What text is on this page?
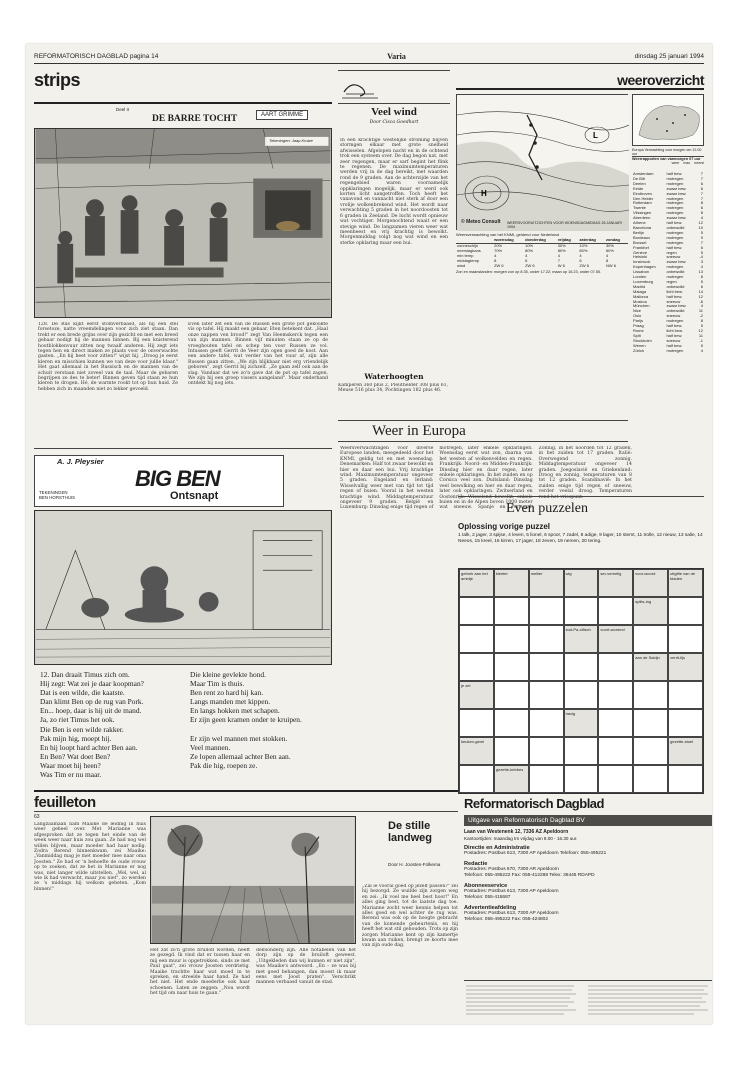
REFORMATORISCH DAGBLAD pagina 14	Varia	dinsdag 25 januari 1994
strips
Deel II
DE BARRE TOCHT	AART GRIMME
Tekeningen: Jaap Kruize
128. De Rus kijkt eerst stomverbaasd, als hij een stel forsetoze, natte vreemdelingen voor zich ziet staan. Dan trekt er een brede grijns over zijn gezicht en met een breed gebaar nodigt hij de mannen binnen. Bij een knisterend houtblokkenvuur zitten nog twaalf anderen. Hij zegt iets tegen hen en direct maken ze plaats voor de onverwachte gasten. „En hij heet voor zitten!" wijst hij. „Droog je eerst kleren en misschien kunnen we van deze voor jullie klaar." Het gaat allemaal in het Russisch en de mannen van de schuit verstaan niet zoveel van de taal. Maar de gebaren begrijpen ze des te beter! Binnen geven tijd staan ze hun kleren te drogen. Hé, de warmte rookt tot op hun huid. Ze hebben zich in maanden niet zo lekker gevoeld.
Even later zet een van de Russen een grote pot gekookte vis op tafel. Hij maakt een gebaar. Eten betekent dat. „Haal onze nappen ven brood!" zegt Van Heemskerck tegen een van zijn mannen. Binnen vijf minuten staan ze op de vroeghouten tafel en schep ten voor Russen ze vol. Intussen geeft Gerrit de Veer zijn ogen goed de kost. Aan een andere tafel, wat verder van het vuur af, zijn alle Russen gaan zitten. „We zijn blijkbaar niet erg vriendelijk geboren", zegt Gerrit bij zichzelf. „Ze gaan zelf ook aan de slag. Vandaar dat we zo'n gave dat de pot op tafel zagen. We zijn hij een groep vissers aangeland". Maar onderhand ontdekt hij nog iets.
A. J. Pleysier
BIG BEN
Ontsnapt
TEKENINGEN
BEN HORSTHUIS
12. Dan draait Timus zich om.
Hij zegt: Wat zei je daar koopman?
Dat is een wilde, die kaatste.
Dan klimt Ben op de rug van Pork.
En... hoep, daar is hij uit de mand.
Ja, zo riet Timus het ook.
Die Ben is een wilde rakker.
Pak mijn hig, moept hij.
En hij loopt hard achter Ben aan.
En Ben? Wat doet Ben?
Waar moet hij heen?
Was Tim er nu maar.
Die kleine gevlekte hond.
Maar Tim is thuis.
Ben rent zo hard hij kan.
Langs manden met kippen.
En langs hokken met schapen.
Er zijn geen kramen onder te kruipen.
Er zijn wel mannen met stokken.
Veel mannen.
Ze lopen allemaal achter Ben aan.
Pak die hig, roepen ze.
Veel wind
Door Cisca Goedhart
In een krachtige westelijke stroming blijven stormgen elkaar met grote snelheid afwisselen. Afgelopen nacht en in de ochtend trok een systeem over. De dag begon nat, met zeer regengen, maar er sarf begint het flink te regenen. De maximumtemperaturen werden vrij in de dag bereikt, met waarden rond de 9 graden. Aan de achterzijde van het regengebied waren voornamelijk oppklaringen mogelijk, maar er werd ook korten licht aangetroffen. Toch heeft het vanavond en vannacht niet sterk af door een vrolije wolkenbrekend wind. Het wordt naar verwachting 5 graden in het noordoosten tot 6 graden in Zeeland. De lucht wordt opnieuw wat vochtiger. Morgenochtend waait er een stevige wind. De langzamen vieren weer wat meenheest en vrij krachtig is bewolkt. Morgenmiddag volgt nog wat wind en een sterke opklaring maar een bui.
Waterhoogten
Kamperen 360 plus 2, Pleuthelder 308 plus 61, Meuse 516 plus 34, Pochtingen 182 plus 46.
weeroverzicht
H
L
© Meteo Consult WEERSVOORUITZICHTEN VOOR WOENSDAGMIDDAG 26 JANUARI 1994
Weersverwachting van het KNMI, geldend voor Nederland
	woensdag	donderdag	vrijdag	zaterdag	zondag
zonneschijn	20%	10%	30%	10%	30%
neerslagkans	70%	80%	80%	80%	60%
min temp	4	4	4	4	4
middagtemp	8	6	7	6	8
wind	ZW 6	ZW 6	W 6	ZW 6	NW 6
Zon en maanstanden: morgen zon op 8.35, onder 17.22; maan op 16.23, onder 07.55.
Europa Verwachting voor morgen om 12.00 uur
Weerrapporten van vanmorgen 07 uur
weer max neersl
Amsterdam	half bew.	7
De Bilt	motregen	7
Deelen	motregen	6
Eelde	zwaar bew.	6
Eindhoven	zwaar bew.	7
Den Helder	motregen	7
Rotterdam	motregen	8
Twente	motregen	6
Vlissingen	motregen	8
Aberdeen	zwaar bew.	4
Athene	half bew.	12
Barcelona	onbewolkt	10
Berlijn	motregen	5
Bordeaux	motregen	9
Brussel	motregen	7
Frankfort	half bew.	6
Genève	regen	5
Helsinki	sneeuw	-4
Innsbruck	zwaar bew.	3
Kopenhagen	motregen	4
Lissabon	onbewolkt	13
Londen	motregen	8
Luxemburg	regen	5
Madrid	onbewolkt	6
Malaga	licht bew.	14
Mallorca	half bew.	12
Moskou	sneeuw	-6
München	zwaar bew.	4
Nice	onbewolkt	11
Oslo	sneeuw	-2
Parijs	motregen	8
Praag	half bew.	5
Rome	licht bew.	12
Split	half bew.	11
Stockholm	sneeuw	-1
Wenen	half bew.	5
Zürich	motregen	4
Weer in Europa
Weersverwachtingen voor diverse Europese landen, meegedeeld door het KNMI, geldig tot en met woensdag. Denemarken: Half tot zwaar bewolkt en hier en daar een bui. Vrij krachtige wind. Maximumtemperatuur ongeveer 5 graden. Engeland en Ierland: Wisselvallig weer met van tijd tot tijd regen of buien. Vooral in het westen krachtige wind. Middagtemperatuur ongeveer 9 graden. België en Luxemburg: Dinsdag enige tijd regen of motregen, later enkele opklaringen. Woensdag eerst wat zon, daarna van het westen af wolkenvelden en regen. Frankrijk: Noord- en Midden-Frankrijk: Dinsdag hier en daar regen, later enkele opklaringen. In het zuiden en op Corsica veel zon. Duitsland: Dinsdag veel bewolking en hier en daar regen, later ook opklaringen. Zwitserland en Oostenrijk: Wisselend bewolkt, enkele buien en in de Alpen boven 1000 meter wat sneeuw. Spanje en Portugal: Zonnig, in het noorden tot 12 graden, in het zuiden tot 17 graden. Italië: Overwegend zonnig. Middagtemperatuur ongeveer 14 graden. Joegoslavië en Griekenland: Droog en zonnig, temperaturen van 8 tot 12 graden. Scandinavië: In het zuiden enige tijd regen of sneeuw, verder veelal droog. Temperaturen rond het vriespunt.
Even puzzelen
Oplossing vorige puzzel
1 talk, 2 jager, 3 spijse, 4 leven, 5 lionel, 6 spoor, 7 zadel, 8 adige, 9 lager, 10 stemt, 11 trolle, 12 nieuw, 13 salie, 14 Neeos, 15 kreel, 16 kirren, 17 jager, 18 zeven, 19 nemen, 20 tering.
gebrek aan het ambtje
kleeter	mellier	wig	ser-vereelig	voor-woord	uitgifte van de bladen
splits-ing
sud-Pa-cifisch	voort-wonend
aan de Sabijn	verrit-lijs
je zel
havig
keuken-gerei	gezette-stoel
gezette-kebbes
feuilleton
63
Langzaamaan nam Maaike de leiding in huis weer geheel over. Met Marianne was afgesproken dat ze tegen het einde van de week weer naar huis zou gaan. Ze had nog wel willen blijven, maar moeder had haar nodig. Zodra Berend binnenkwam, zei Maaike: „Vanmiddag mag je met moeder mee naar oma Joosten." Ze had er 'n behoefte de oude vrouw op te zoeken, dat ze het in Marianne er nog was, niet langer wilde uitstellen. „Wel, wel, al wie ik had verwacht, maar jou niet", zo werden ze 's middags hij welkom geheten. „Kom binnen!"
De stille landweg
Door H. Joosten-Folkema
Het zat zo'n grote brullofl worden, heeft ze gezegd. Ik vind dat er tussen haar en mij een muur is opgetrokken, sinds ze met Paul gaat", zei vrouw Joosten verdrietig. Maaike trachtte haar wat moed in te spreken, en streelde haar hand. Ze had het niet. Het ende moederlie ook haar schoenen. Laten ze zeggen: „Nou wordt het tijd om naar huis te gaan."
delfsonderij zijn. Alle notabelen van het dorp zijn op de bruiloft geweest. „Uitgekleden dan wij kunnen er niet zijn", was Maaike's antwoord. „En – ze was bij met goed behangen, dan moest ik maar eens met Joost praten". Verschrikt mannen verbaasd vanuit de stad.
„Zal ie vooral goed op jezelf passen?" zei hij bezorgd. Ze wuifde zijn zorgen weg en zei: „Ik voel me heel best hoor!" En alles ging best, tot de laatste dag toe. Marianne zocht weer kennis helpen tot alles goed en wel achter de rug was. Berend was ook op de hoogte gebracht van de komende gebeurtenis, en hij heeft het wat stil gehouden. Trots op zijn zorgen Marianne kent op zijn kamertje kwam aan ruiken, brengt ze koorts mee van zijn oude dag.
Reformatorisch Dagblad
Uitgave van Reformatorisch Dagblad BV
Laan van Westenenk 12, 7336 AZ Apeldoorn
Kantoortijden: maandag tm vrijdag van 8.00 - 16.30 uur.
Directie en Administratie
Postadres: Postbus 613, 7300 AP Apeldoorn Telefoon: 055-495221
Redactie
Postadres: Postbus 670, 7300 AR Apeldoorn
Telefoon: 055-495222 Fax: 055-412288 Telex: 36445 RDAPD
Abonneeservice
Postadres: Postbus 613, 7300 AP Apeldoorn
Telefoon: 055-415687
Advertentieafdeling
Postadres: Postbus 613, 7300 AP Apeldoorn
Telefoon: 055-495222 Fax: 055-424802
